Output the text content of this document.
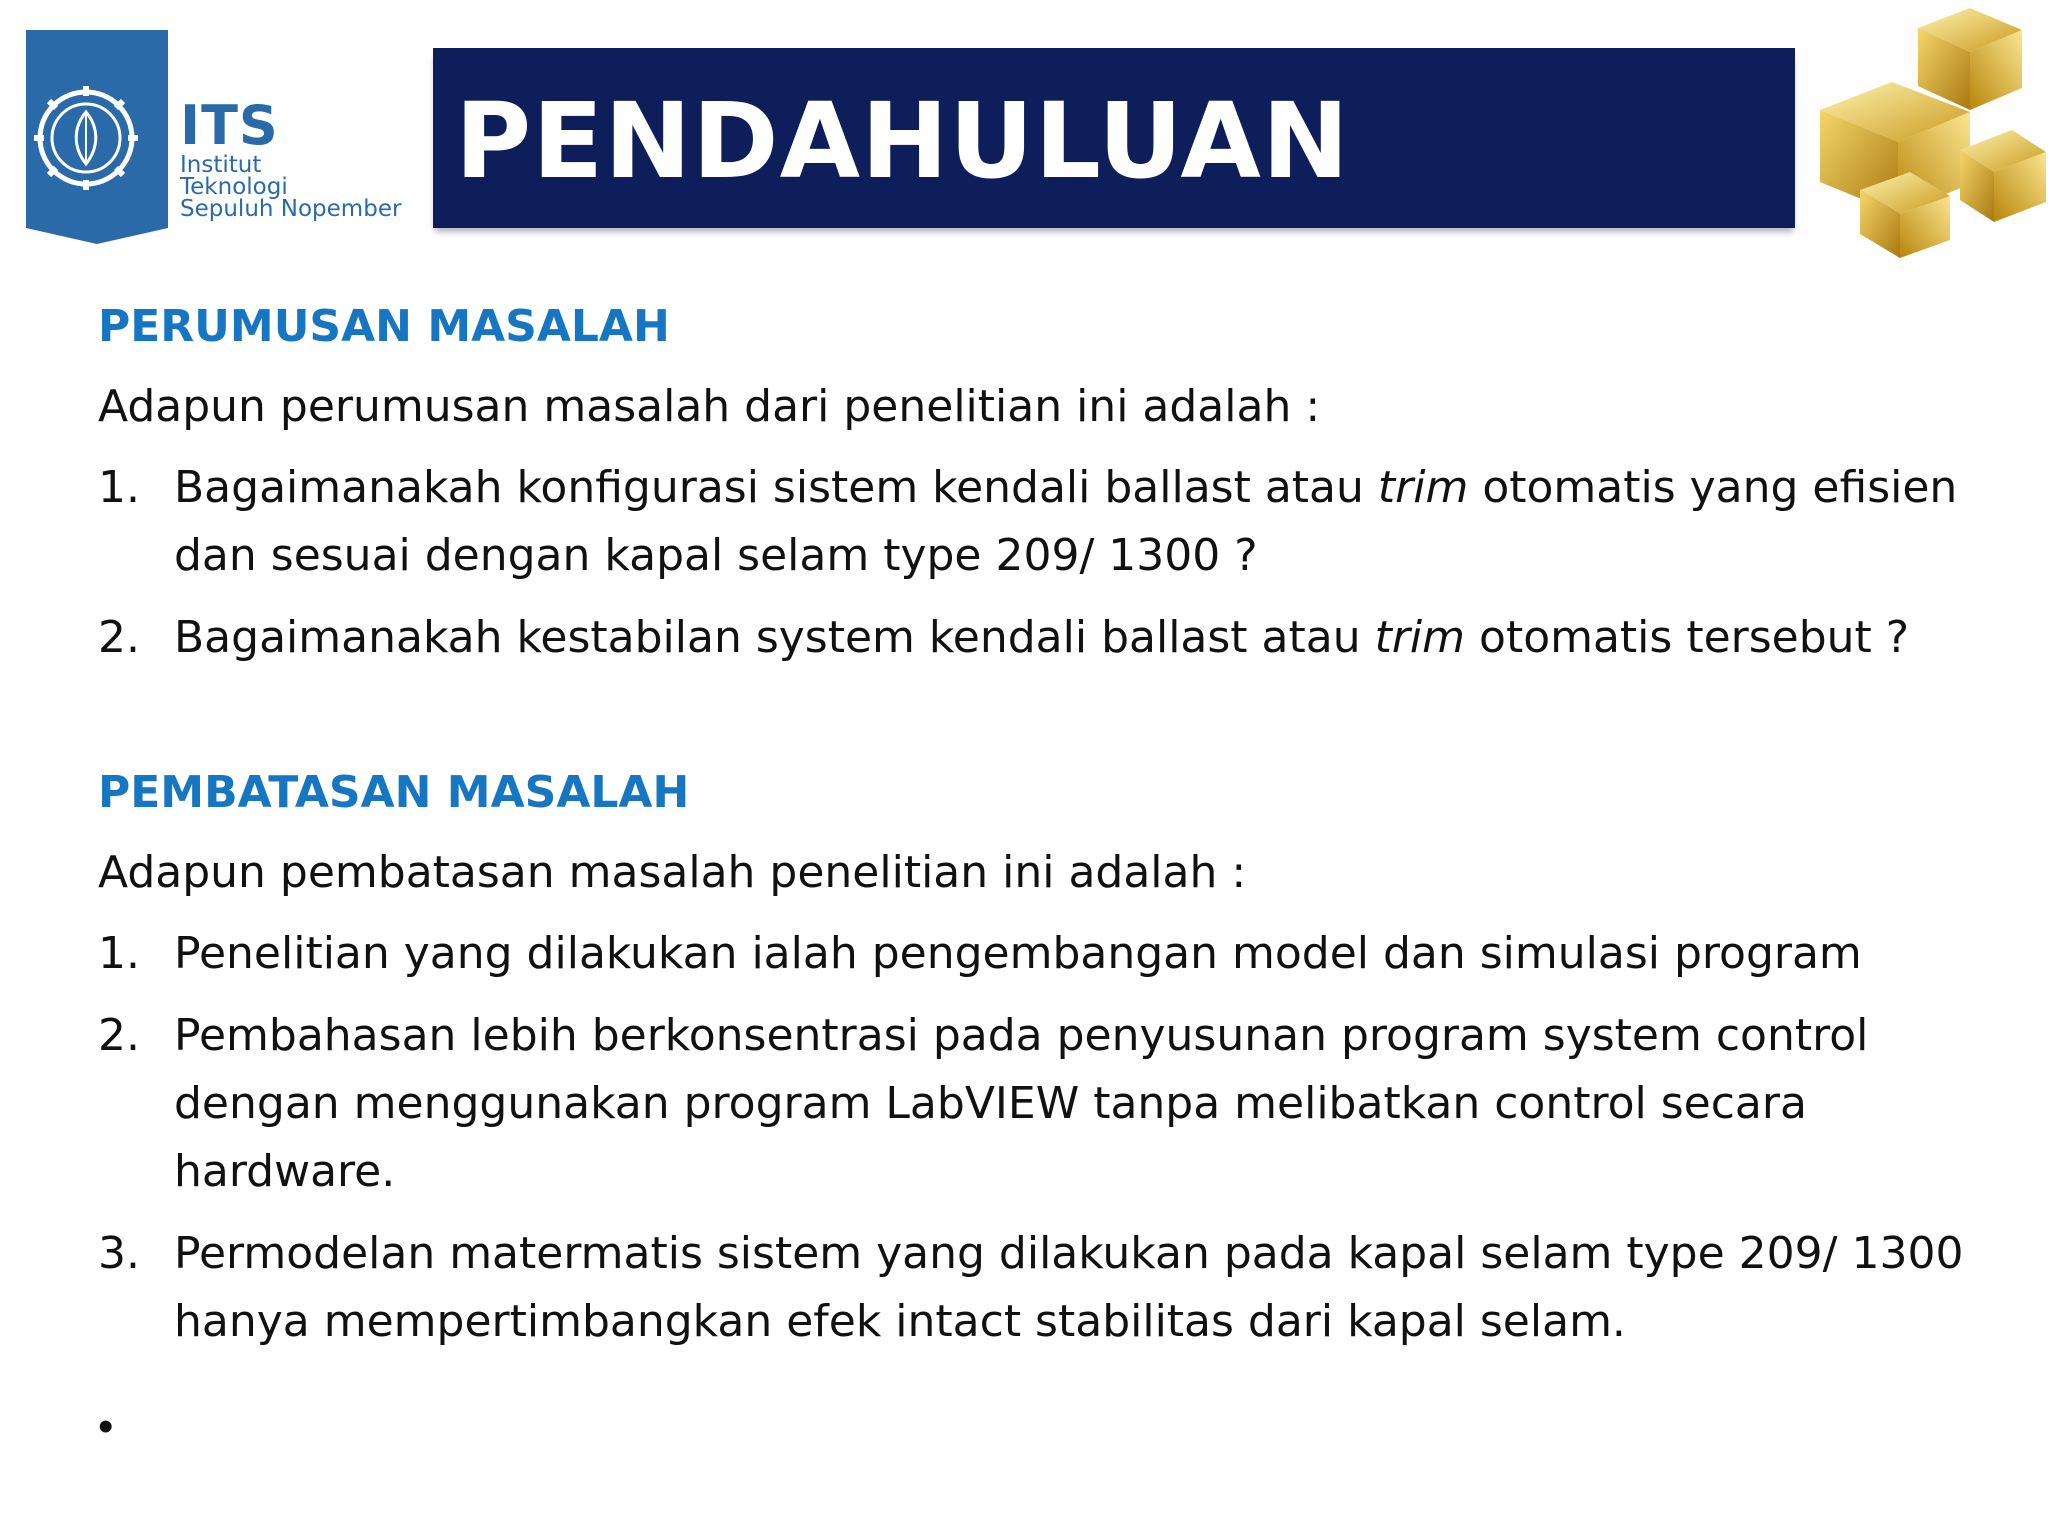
ITS
Institut
Teknologi
Sepuluh Nopember
PENDAHULUAN
PERUMUSAN MASALAH

Adapun perumusan masalah dari penelitian ini adalah :

1. Bagaimanakah konfigurasi sistem kendali ballast atau trim otomatis yang efisien dan sesuai dengan kapal selam type 209/ 1300 ?
2. Bagaimanakah kestabilan system kendali ballast atau trim otomatis tersebut ?
PEMBATASAN MASALAH

Adapun pembatasan masalah penelitian ini adalah :

1. Penelitian yang dilakukan ialah pengembangan model dan simulasi program
2. Pembahasan lebih berkonsentrasi pada penyusunan program system control dengan menggunakan program LabVIEW tanpa melibatkan control secara hardware.
3. Permodelan matermatis sistem yang dilakukan pada kapal selam type 209/ 1300 hanya mempertimbangkan efek intact stabilitas dari kapal selam.
•
